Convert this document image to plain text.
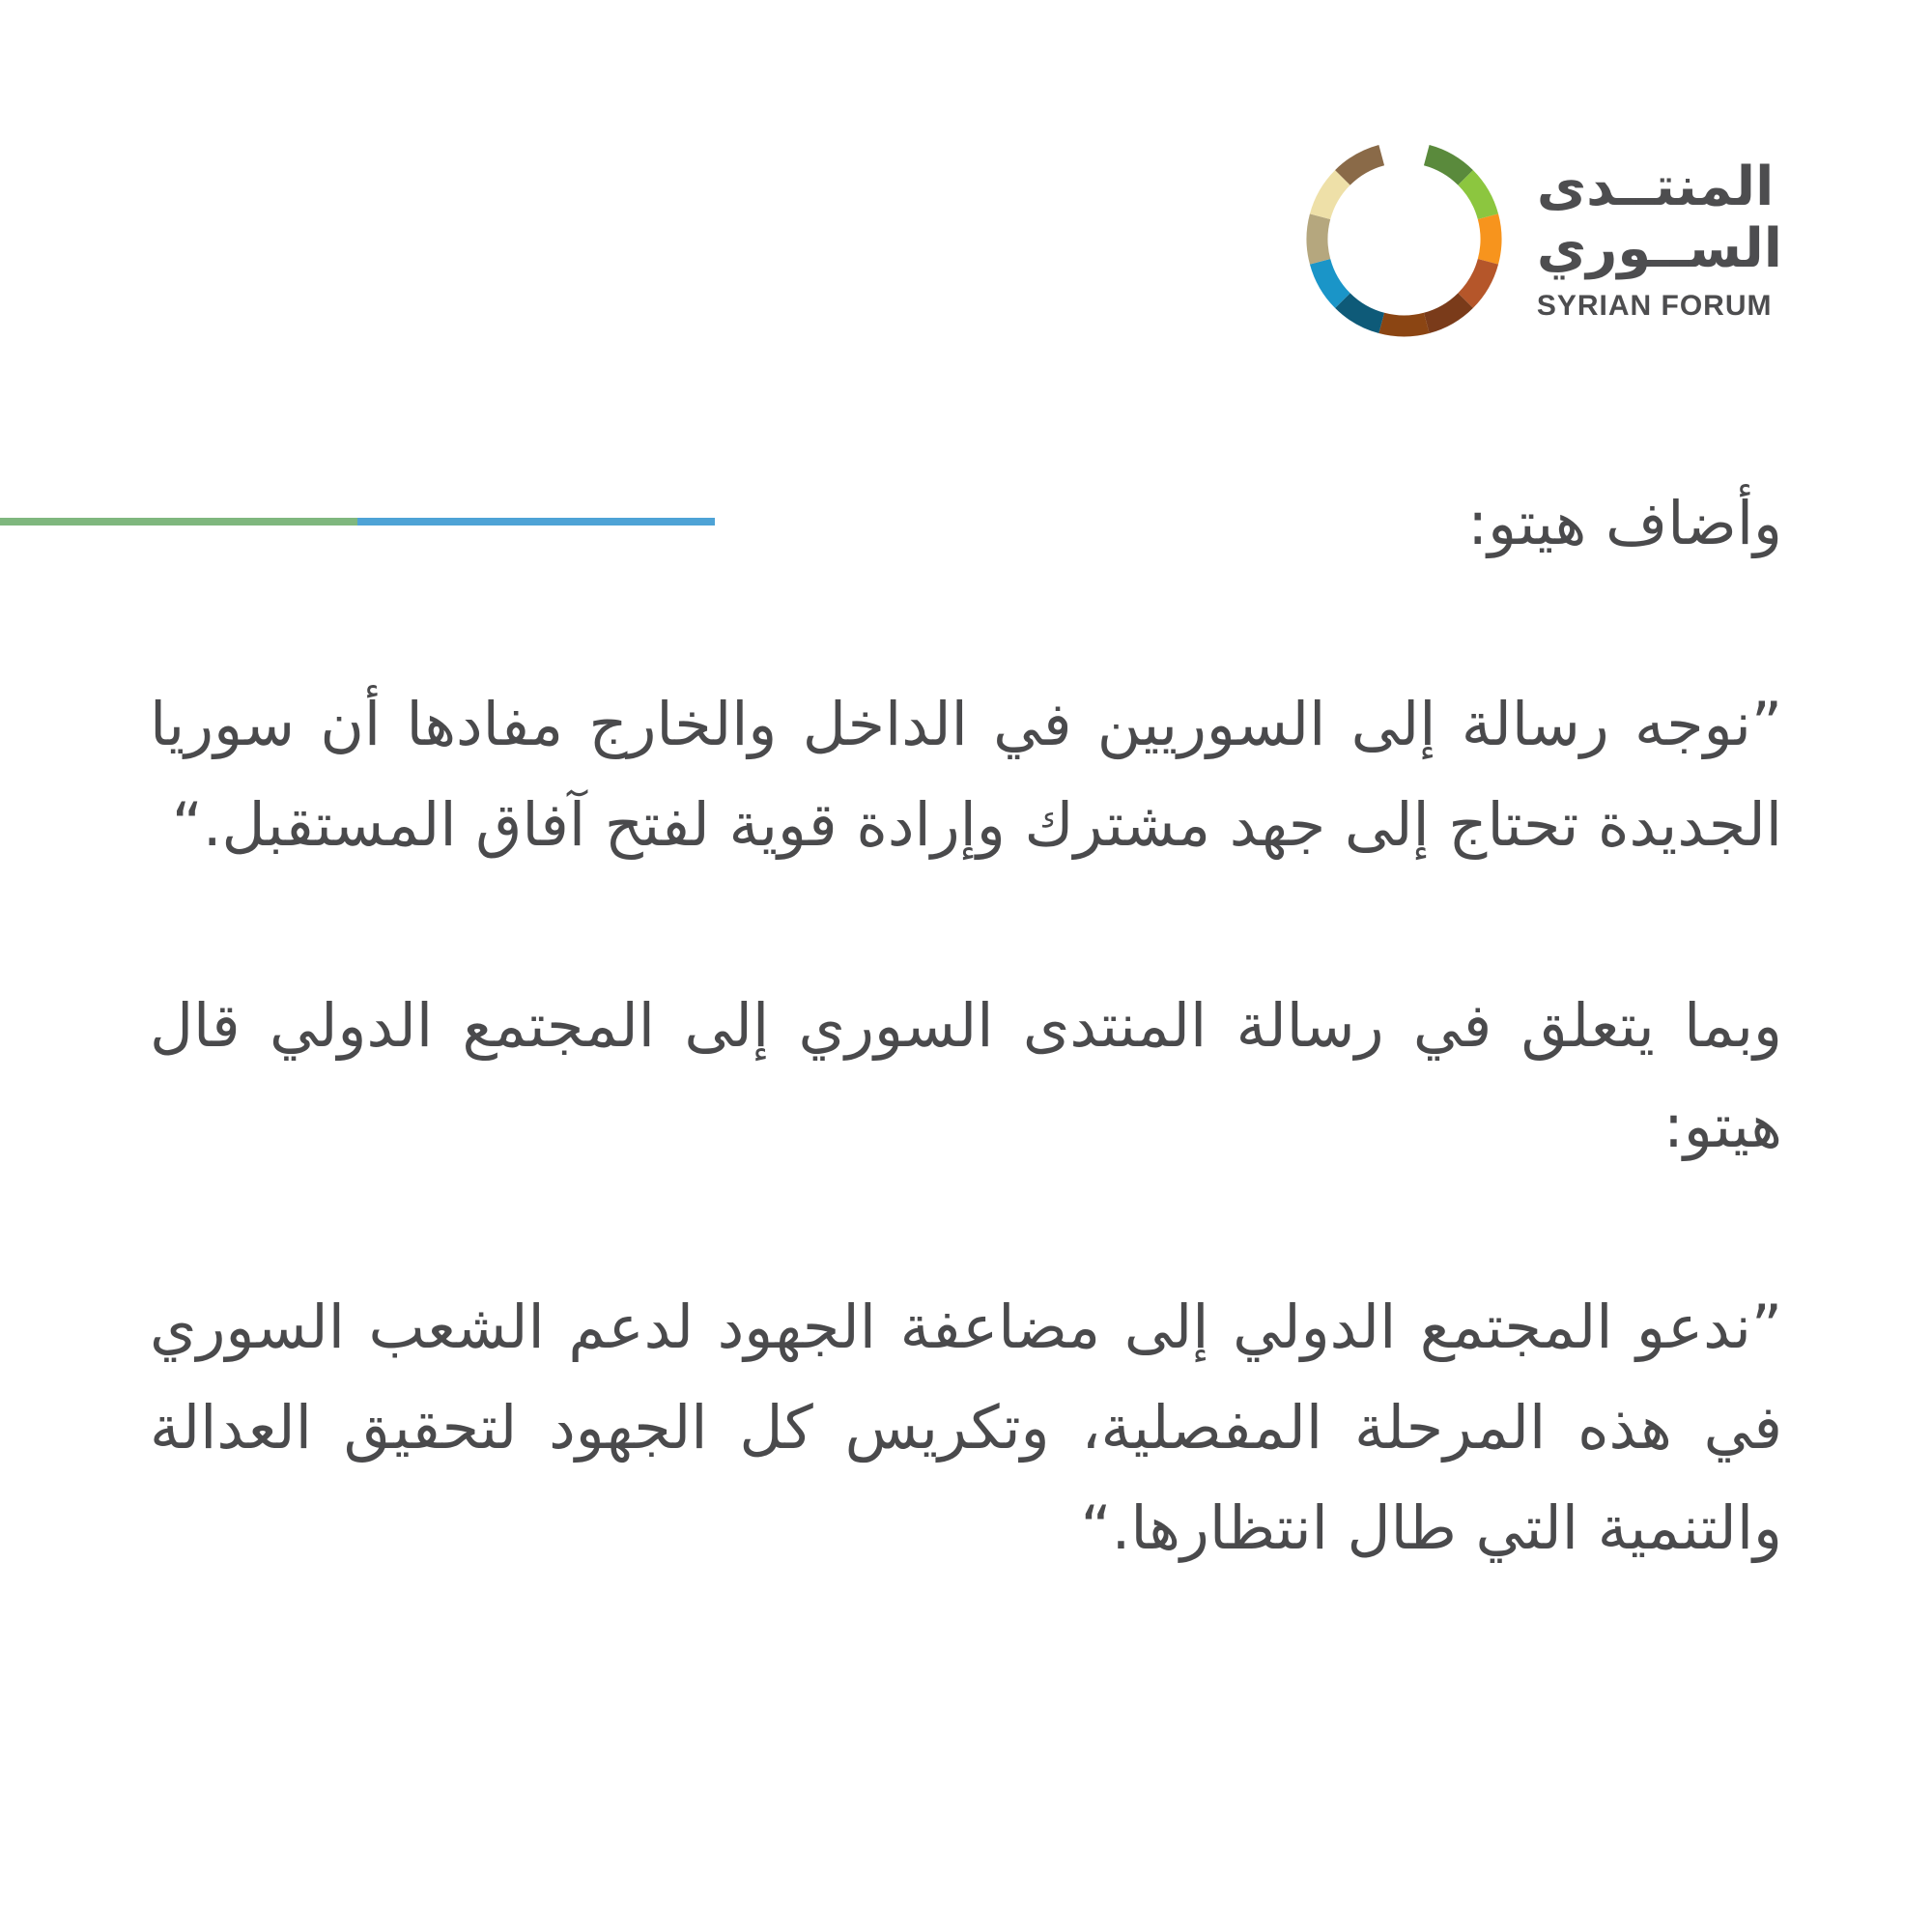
المنتــدى
الســوري
SYRIAN FORUM

وأضاف هيتو:

”نوجه رسالة إلى السوريين في الداخل والخارج مفادها أن سوريا الجديدة تحتاج إلى جهد مشترك وإرادة قوية لفتح آفاق المستقبل.“

وبما يتعلق في رسالة المنتدى السوري إلى المجتمع الدولي قال هيتو:

”ندعو المجتمع الدولي إلى مضاعفة الجهود لدعم الشعب السوري في هذه المرحلة المفصلية، وتكريس كل الجهود لتحقيق العدالة والتنمية التي طال انتظارها.“
